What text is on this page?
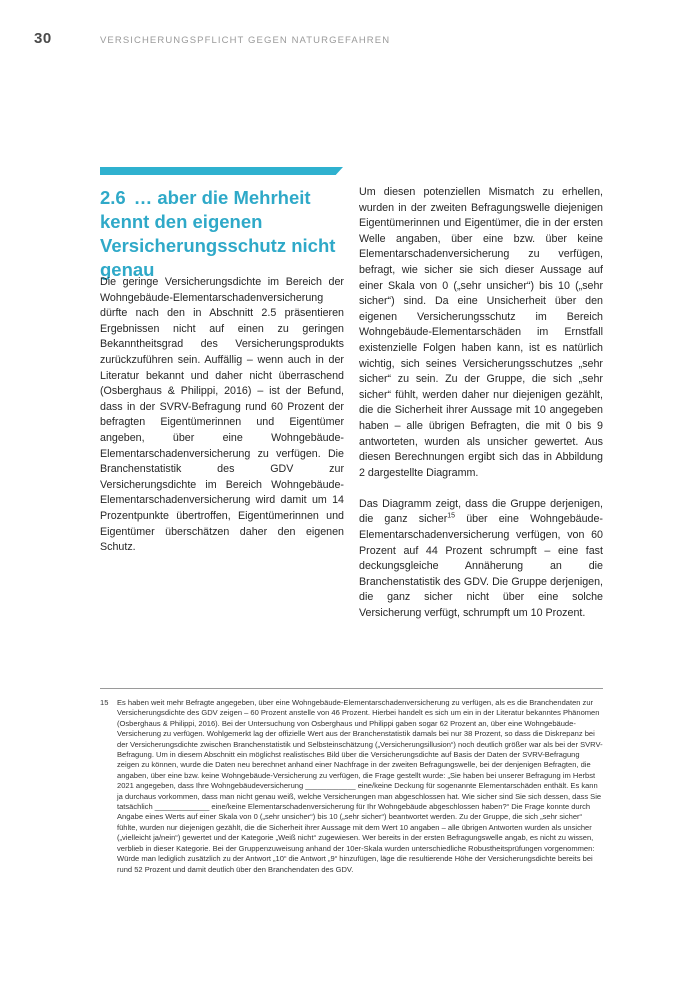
30	VERSICHERUNGSPFLICHT GEGEN NATURGEFAHREN
2.6 … aber die Mehrheit kennt den eigenen Versicherungsschutz nicht genau

Die geringe Versicherungsdichte im Bereich der Wohngebäude-Elementarschadenversicherung dürfte nach den in Abschnitt 2.5 präsentieren Ergebnissen nicht auf einen zu geringen Bekanntheitsgrad des Versicherungsprodukts zurückzuführen sein. Auffällig – wenn auch in der Literatur bekannt und daher nicht überraschend (Osberghaus & Philippi, 2016) – ist der Befund, dass in der SVRV-Befragung rund 60 Prozent der befragten Eigentümerinnen und Eigentümer angeben, über eine Wohngebäude-Elementarschadenversicherung zu verfügen. Die Branchenstatistik des GDV zur Versicherungsdichte im Bereich Wohngebäude-Elementarschadenversicherung wird damit um 14 Prozentpunkte übertroffen, Eigentümerinnen und Eigentümer überschätzen daher den eigenen Schutz.

Um diesen potenziellen Mismatch zu erhellen, wurden in der zweiten Befragungswelle diejenigen Eigentümerinnen und Eigentümer, die in der ersten Welle angaben, über eine bzw. über keine Elementarschadenversicherung zu verfügen, befragt, wie sicher sie sich dieser Aussage auf einer Skala von 0 („sehr unsicher“) bis 10 („sehr sicher“) sind. Da eine Unsicherheit über den eigenen Versicherungsschutz im Bereich Wohngebäude-Elementarschäden im Ernstfall existenzielle Folgen haben kann, ist es natürlich wichtig, sich seines Versicherungsschutzes „sehr sicher“ zu sein. Zu der Gruppe, die sich „sehr sicher“ fühlt, werden daher nur diejenigen gezählt, die die Sicherheit ihrer Aussage mit 10 angegeben haben – alle übrigen Befragten, die mit 0 bis 9 antworteten, wurden als unsicher gewertet. Aus diesen Berechnungen ergibt sich das in Abbildung 2 dargestellte Diagramm.

Das Diagramm zeigt, dass die Gruppe derjenigen, die ganz sicher$^{15}$ über eine Wohngebäude-Elementarschadenversicherung verfügen, von 60 Prozent auf 44 Prozent schrumpft – eine fast deckungsgleiche Annäherung an die Branchenstatistik des GDV. Die Gruppe derjenigen, die ganz sicher nicht über eine solche Versicherung verfügt, schrumpft um 10 Prozent.

15	Es haben weit mehr Befragte angegeben, über eine Wohngebäude-Elementarschadenversicherung zu verfügen, als es die Branchendaten zur Versicherungsdichte des GDV zeigen – 60 Prozent anstelle von 46 Prozent. Hierbei handelt es sich um ein in der Literatur bekanntes Phänomen (Osberghaus & Philippi, 2016). Bei der Untersuchung von Osberghaus und Philippi gaben sogar 62 Prozent an, über eine Wohngebäude-Versicherung zu verfügen. Wohlgemerkt lag der offizielle Wert aus der Branchenstatistik damals bei nur 38 Prozent, so dass die Diskrepanz bei der Versicherungsdichte zwischen Branchenstatistik und Selbsteinschätzung („Versicherungsillusion“) noch deutlich größer war als bei der SVRV-Befragung. Um in diesem Abschnitt ein möglichst realistisches Bild über die Versicherungsdichte auf Basis der Daten der SVRV-Befragung zeigen zu können, wurde die Daten neu berechnet anhand einer Nachfrage in der zweiten Befragungswelle, bei der denjenigen Befragten, die angaben, über eine bzw. keine Wohngebäude-Versicherung zu verfügen, die Frage gestellt wurde: „Sie haben bei unserer Befragung im Herbst 2021 angegeben, dass Ihre Wohngebäudeversicherung ____________ eine/keine Deckung für sogenannte Elementarschäden enthält. Es kann ja durchaus vorkommen, dass man nicht genau weiß, welche Versicherungen man abgeschlossen hat. Wie sicher sind Sie sich dessen, dass Sie tatsächlich _____________ eine/keine Elementarschadenversicherung für Ihr Wohngebäude abgeschlossen haben?“ Die Frage konnte durch Angabe eines Werts auf einer Skala von 0 („sehr unsicher“) bis 10 („sehr sicher“) beantwortet werden. Zu der Gruppe, die sich „sehr sicher“ fühlte, wurden nur diejenigen gezählt, die die Sicherheit ihrer Aussage mit dem Wert 10 angaben – alle übrigen Antworten wurden als unsicher („vielleicht ja/nein“) gewertet und der Kategorie „Weiß nicht“ zugewiesen. Wer bereits in der ersten Befragungswelle angab, es nicht zu wissen, verblieb in dieser Kategorie. Bei der Gruppenzuweisung anhand der 10er-Skala wurden unterschiedliche Robustheitsprüfungen vorgenommen: Würde man lediglich zusätzlich zu der Antwort „10“ die Antwort „9“ hinzufügen, läge die resultierende Höhe der Versicherungsdichte bereits bei rund 52 Prozent und damit deutlich über den Branchendaten des GDV.
